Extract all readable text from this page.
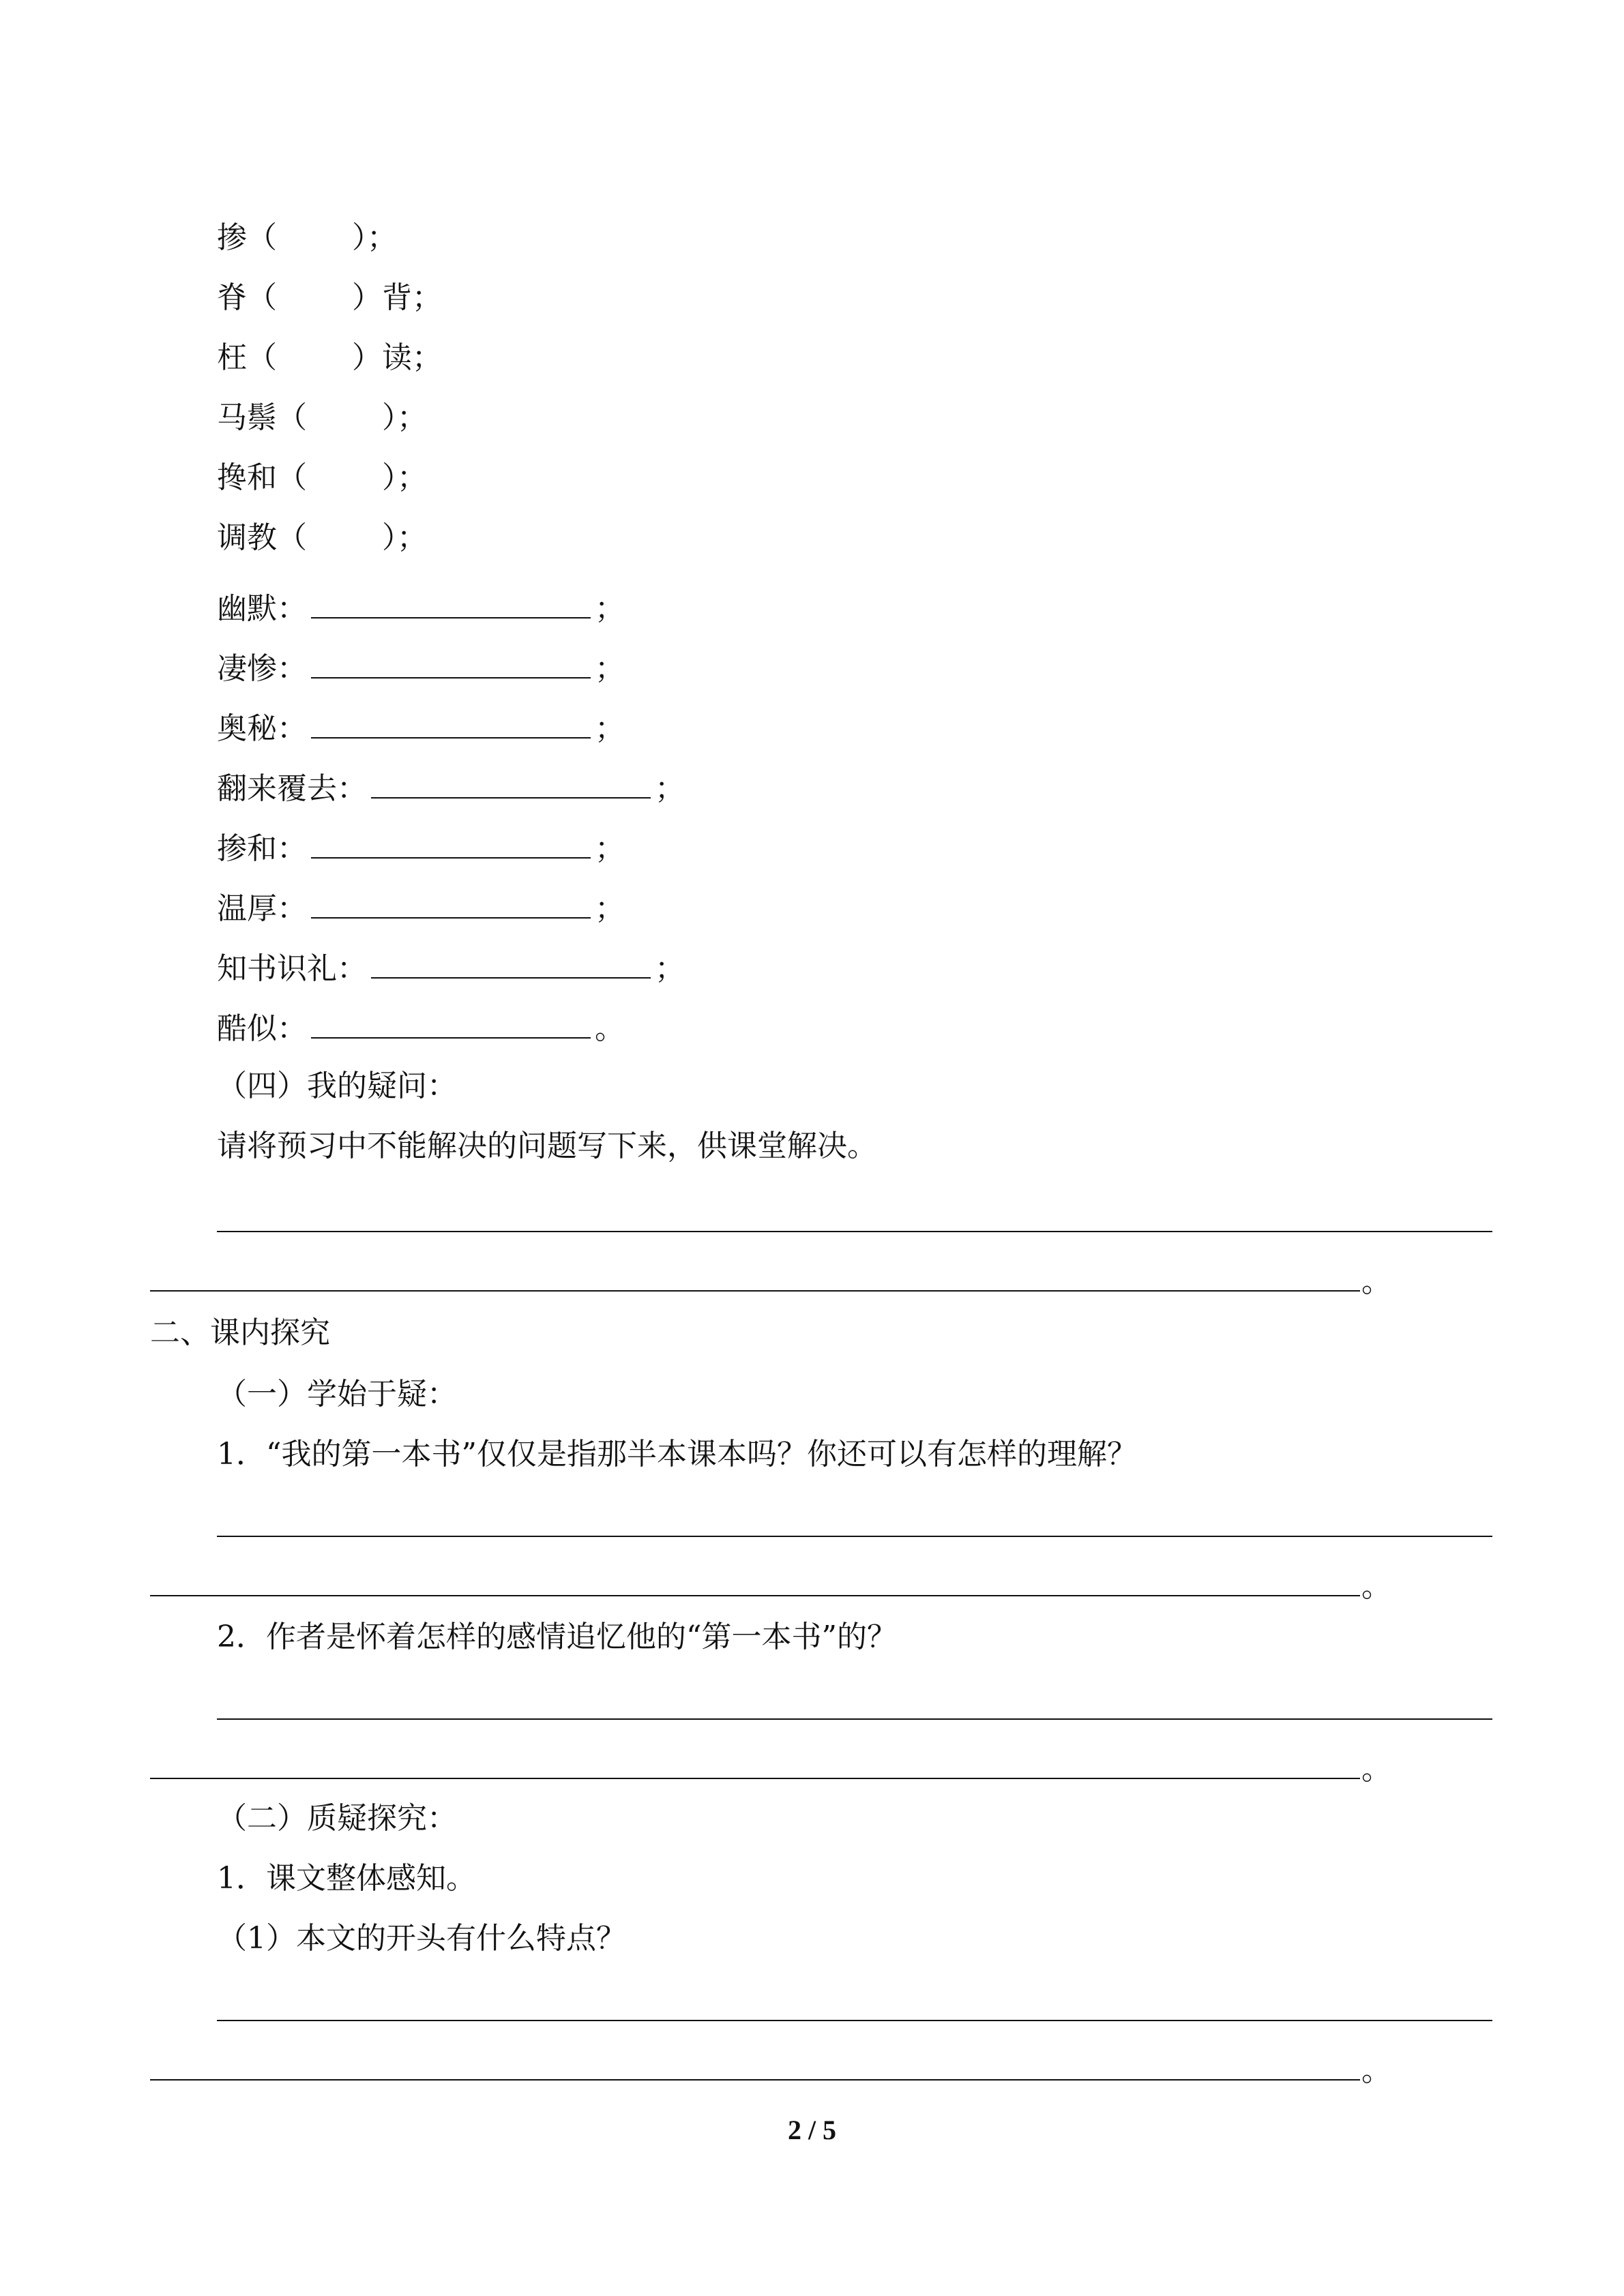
掺（	）；
脊（	）背；
枉（	）读；
马鬃（	）；
搀和（	）；
调教（	）；
幽默：	；
凄惨：	；
奥秘：	；
翻来覆去：	；
掺和：	；
温厚：	；
知书识礼：	；
酷似：	。
（四）我的疑问：
请将预习中不能解决的问题写下来，供课堂解决。
。
二、课内探究
（一）学始于疑：
1．“我的第一本书”仅仅是指那半本课本吗？你还可以有怎样的理解？
。
2．作者是怀着怎样的感情追忆他的“第一本书”的？
。
（二）质疑探究：
1．课文整体感知。
（1）本文的开头有什么特点？
。
2 / 5
